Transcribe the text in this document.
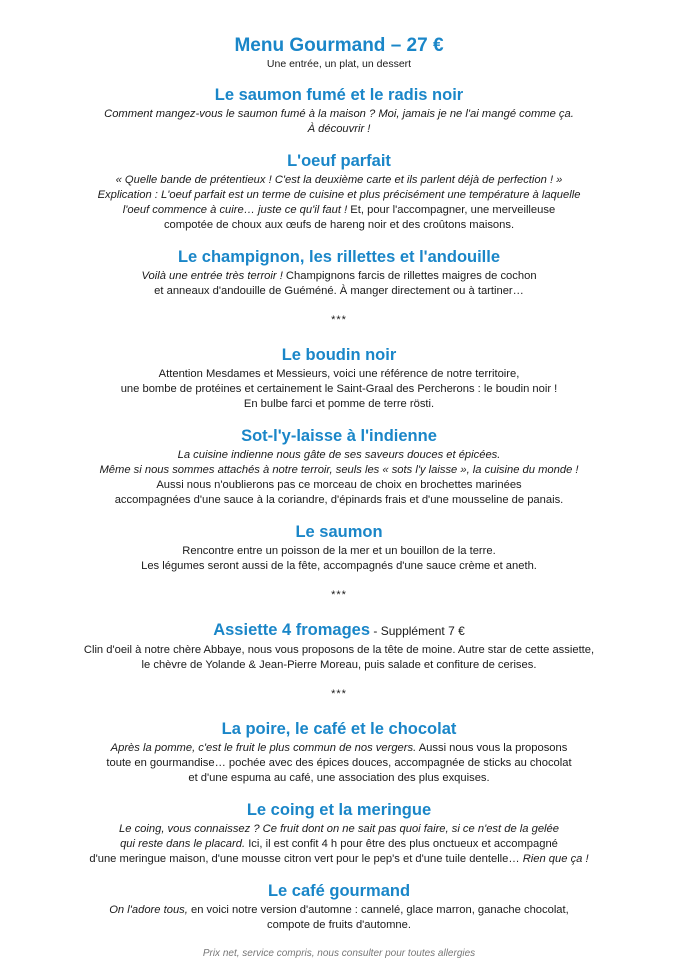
Menu Gourmand – 27 €

Une entrée, un plat, un dessert

Le saumon fumé et le radis noir

Comment mangez-vous le saumon fumé à la maison ? Moi, jamais je ne l'ai mangé comme ça.

À découvrir !

L'oeuf parfait

« Quelle bande de prétentieux ! C'est la deuxième carte et ils parlent déjà de perfection ! »

Explication : L'oeuf parfait est un terme de cuisine et plus précisément une température à laquelle

l'oeuf commence à cuire… juste ce qu'il faut ! Et, pour l'accompagner, une merveilleuse

compotée de choux aux œufs de hareng noir et des croûtons maisons.

Le champignon, les rillettes et l'andouille

Voilà une entrée très terroir ! Champignons farcis de rillettes maigres de cochon

et anneaux d'andouille de Guéméné. À manger directement ou à tartiner…

***

Le boudin noir

Attention Mesdames et Messieurs, voici une référence de notre territoire,

une bombe de protéines et certainement le Saint-Graal des Percherons : le boudin noir !

En bulbe farci et pomme de terre rösti.

Sot-l'y-laisse à l'indienne

La cuisine indienne nous gâte de ses saveurs douces et épicées.

Même si nous sommes attachés à notre terroir, seuls les « sots l'y laisse », la cuisine du monde !

Aussi nous n'oublierons pas ce morceau de choix en brochettes marinées

accompagnées d'une sauce à la coriandre, d'épinards frais et d'une mousseline de panais.

Le saumon

Rencontre entre un poisson de la mer et un bouillon de la terre.

Les légumes seront aussi de la fête, accompagnés d'une sauce crème et aneth.

***

Assiette 4 fromages - Supplément 7 €

Clin d'oeil à notre chère Abbaye, nous vous proposons de la tête de moine. Autre star de cette assiette,

le chèvre de Yolande & Jean-Pierre Moreau, puis salade et confiture de cerises.

***

La poire, le café et le chocolat

Après la pomme, c'est le fruit le plus commun de nos vergers. Aussi nous vous la proposons

toute en gourmandise… pochée avec des épices douces, accompagnée de sticks au chocolat

et d'une espuma au café, une association des plus exquises.

Le coing et la meringue

Le coing, vous connaissez ? Ce fruit dont on ne sait pas quoi faire, si ce n'est de la gelée

qui reste dans le placard. Ici, il est confit 4 h pour être des plus onctueux et accompagné

d'une meringue maison, d'une mousse citron vert pour le pep's et d'une tuile dentelle… Rien que ça !

Le café gourmand

On l'adore tous, en voici notre version d'automne : cannelé, glace marron, ganache chocolat,

compote de fruits d'automne.

Prix net, service compris, nous consulter pour toutes allergies
